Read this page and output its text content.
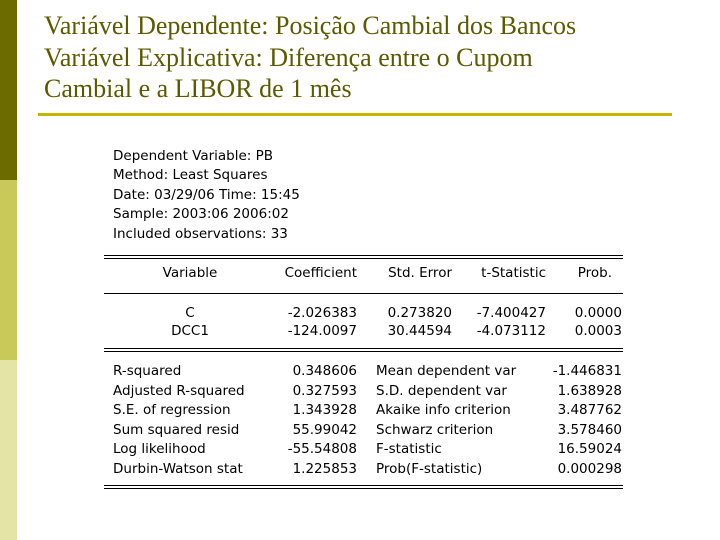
Variável Dependente: Posição Cambial dos Bancos
Variável Explicativa: Diferença entre o Cupom
Cambial e a LIBOR de 1 mês
Dependent Variable: PB
Method: Least Squares
Date: 03/29/06 Time: 15:45
Sample: 2003:06 2006:02
Included observations: 33
Variable	Coefficient	Std. Error	t-Statistic	Prob.
C	-2.026383	0.273820	-7.400427	0.0000
DCC1	-124.0097	30.44594	-4.073112	0.0003
R-squared	0.348606 Mean dependent var	-1.446831
Adjusted R-squared	0.327593 S.D. dependent var	1.638928
S.E. of regression	1.343928 Akaike info criterion	3.487762
Sum squared resid	55.99042 Schwarz criterion	3.578460
Log likelihood	-55.54808 F-statistic	16.59024
Durbin-Watson stat	1.225853 Prob(F-statistic)	0.000298
